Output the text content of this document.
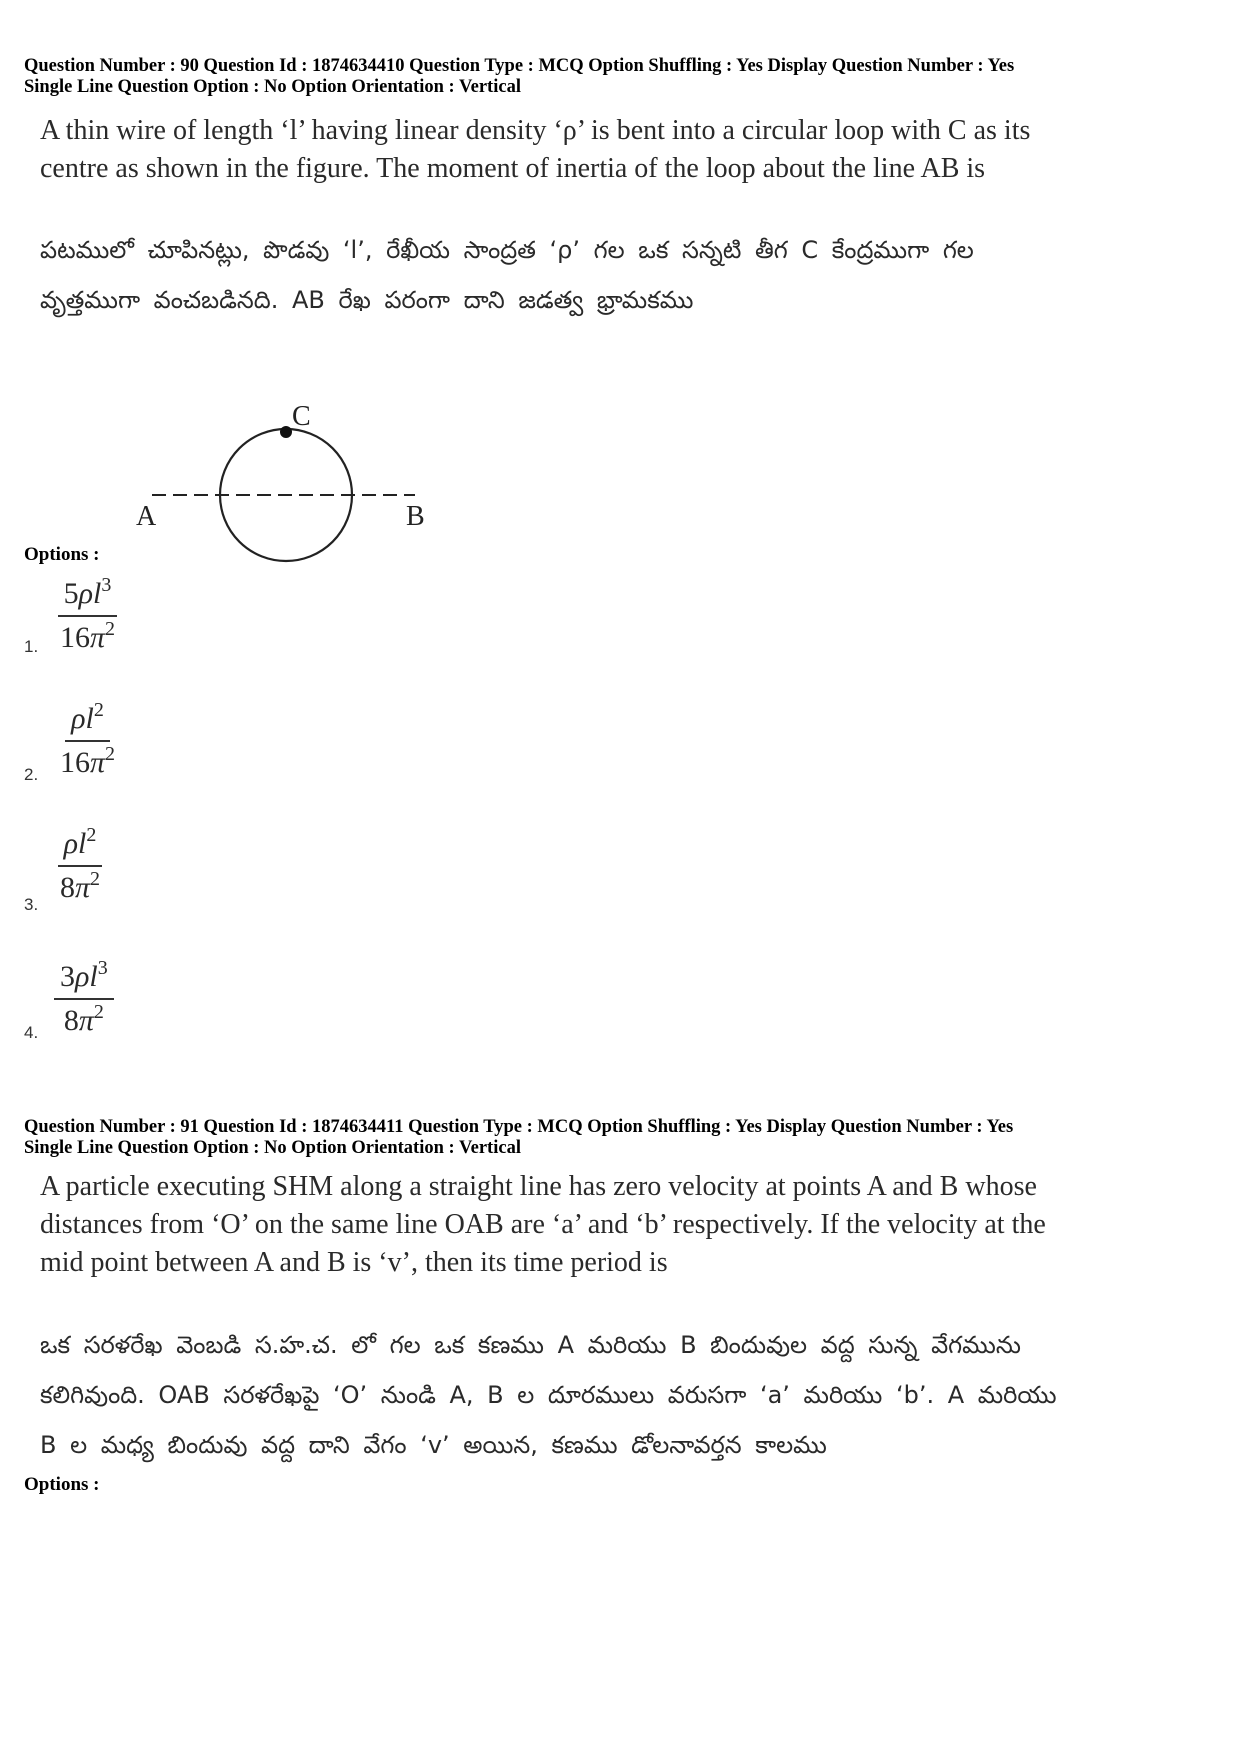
Question Number : 90 Question Id : 1874634410 Question Type : MCQ Option Shuffling : Yes Display Question Number : Yes
Single Line Question Option : No Option Orientation : Vertical
A thin wire of length ‘l’ having linear density ‘ρ’ is bent into a circular loop with C as its
centre as shown in the figure. The moment of inertia of the loop about the line AB is
పటములో చూపినట్లు, పొడవు ‘l’, రేఖీయ సాంద్రత ‘ρ’ గల ఒక సన్నటి తీగ C కేంద్రముగా గల
వృత్తముగా వంచబడినది. AB రేఖ పరంగా దాని జడత్వ భ్రామకము
C
A	B
Options :
$\frac{5\rho l^3}{16\pi^2}$
1.
$\frac{\rho l^2}{16\pi^2}$
2.
$\frac{\rho l^2}{8\pi^2}$
3.
$\frac{3\rho l^3}{8\pi^2}$
4.
Question Number : 91 Question Id : 1874634411 Question Type : MCQ Option Shuffling : Yes Display Question Number : Yes
Single Line Question Option : No Option Orientation : Vertical
A particle executing SHM along a straight line has zero velocity at points A and B whose
distances from ‘O’ on the same line OAB are ‘a’ and ‘b’ respectively. If the velocity at the
mid point between A and B is ‘v’, then its time period is
ఒక సరళరేఖ వెంబడి స.హ.చ. లో గల ఒక కణము A మరియు B బిందువుల వద్ద సున్న వేగమును
కలిగివుంది. OAB సరళరేఖపై ‘O’ నుండి A, B ల దూరములు వరుసగా ‘a’ మరియు ‘b’. A మరియు
B ల మధ్య బిందువు వద్ద దాని వేగం ‘v’ అయిన, కణము డోలనావర్తన కాలము
Options :
